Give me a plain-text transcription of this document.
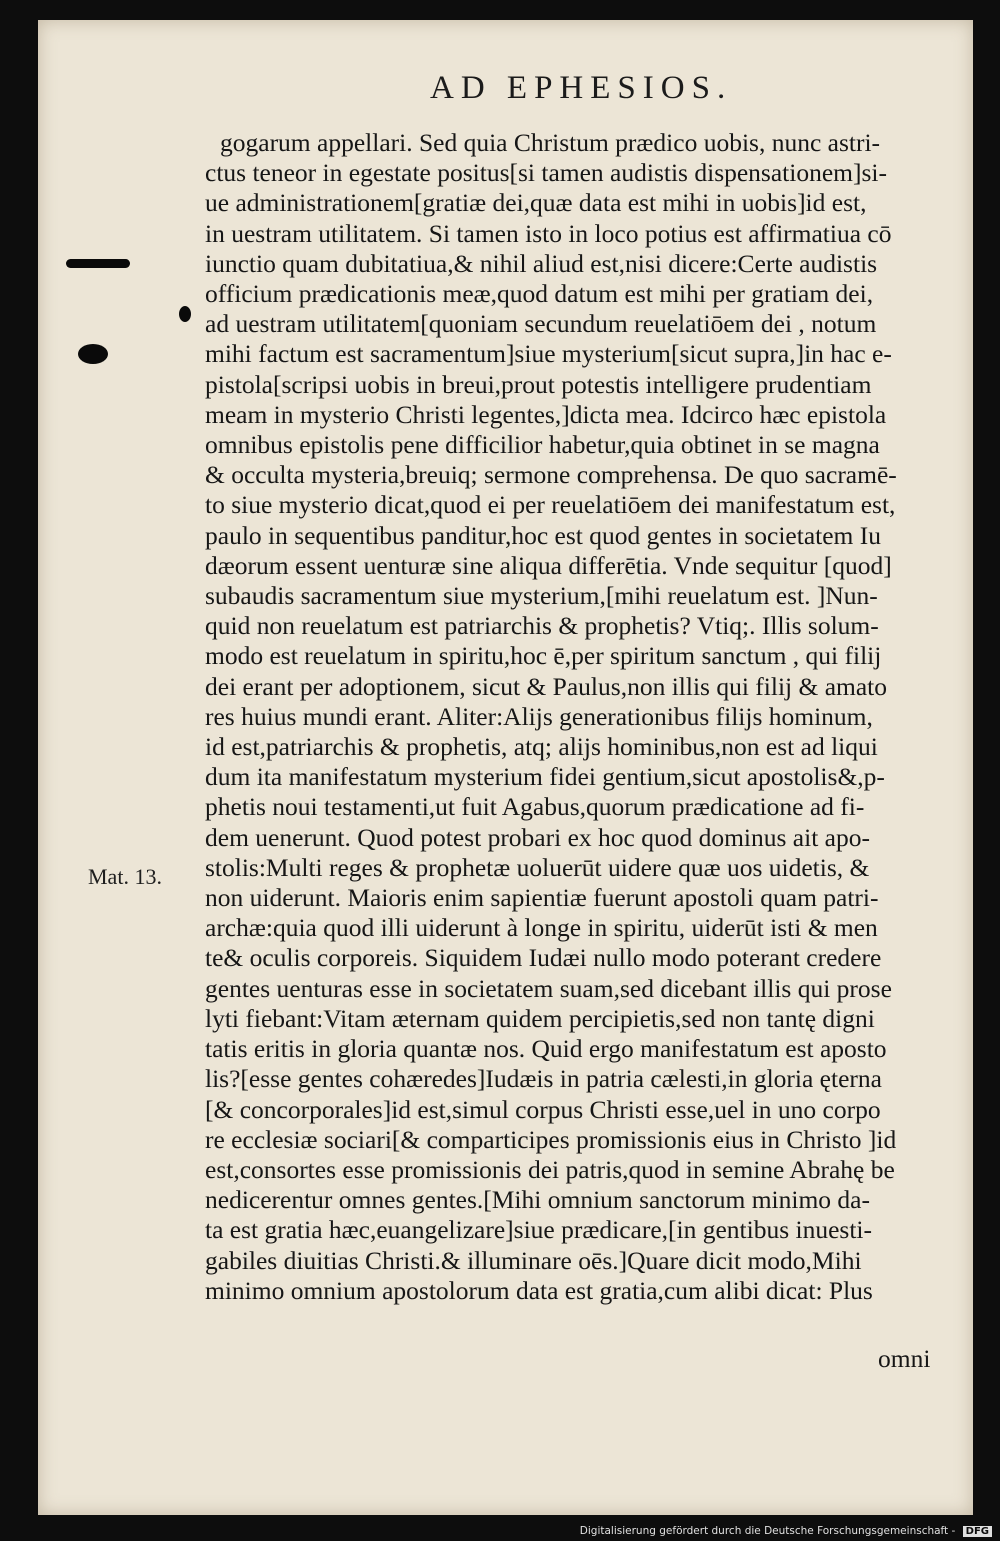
AD EPHESIOS.
gogarum appellari. Sed quia Christum prædico uobis, nunc astri-
ctus teneor in egestate positus[si tamen audistis dispensationem]si-
ue administrationem[gratiæ dei,quæ data est mihi in uobis]id est,
in uestram utilitatem. Si tamen isto in loco potius est affirmatiua cō
iunctio quam dubitatiua,& nihil aliud est,nisi dicere:Certe audistis
officium prædicationis meæ,quod datum est mihi per gratiam dei,
ad uestram utilitatem[quoniam secundum reuelatiōem dei , notum
mihi factum est sacramentum]siue mysterium[sicut supra,]in hac e-
pistola[scripsi uobis in breui,prout potestis intelligere prudentiam
meam in mysterio Christi legentes,]dicta mea. Idcirco hæc epistola
omnibus epistolis pene difficilior habetur,quia obtinet in se magna
& occulta mysteria,breuiq; sermone comprehensa. De quo sacramē-
to siue mysterio dicat,quod ei per reuelatiōem dei manifestatum est,
paulo in sequentibus panditur,hoc est quod gentes in societatem Iu
dæorum essent uenturæ sine aliqua differētia. Vnde sequitur [quod]
subaudis sacramentum siue mysterium,[mihi reuelatum est. ]Nun-
quid non reuelatum est patriarchis & prophetis? Vtiq;. Illis solum-
modo est reuelatum in spiritu,hoc ē,per spiritum sanctum , qui filij
dei erant per adoptionem, sicut & Paulus,non illis qui filij & amato
res huius mundi erant. Aliter:Alijs generationibus filijs hominum,
id est,patriarchis & prophetis, atq; alijs hominibus,non est ad liqui
dum ita manifestatum mysterium fidei gentium,sicut apostolis&,p-
phetis noui testamenti,ut fuit Agabus,quorum prædicatione ad fi-
dem uenerunt. Quod potest probari ex hoc quod dominus ait apo-
stolis:Multi reges & prophetæ uoluerūt uidere quæ uos uidetis, &
non uiderunt. Maioris enim sapientiæ fuerunt apostoli quam patri-
archæ:quia quod illi uiderunt à longe in spiritu, uiderūt isti & men
te& oculis corporeis. Siquidem Iudæi nullo modo poterant credere
gentes uenturas esse in societatem suam,sed dicebant illis qui prose
lyti fiebant:Vitam æternam quidem percipietis,sed non tantę digni
tatis eritis in gloria quantæ nos. Quid ergo manifestatum est aposto
lis?[esse gentes cohæredes]Iudæis in patria cælesti,in gloria ęterna
[& concorporales]id est,simul corpus Christi esse,uel in uno corpo
re ecclesiæ sociari[& comparticipes promissionis eius in Christo ]id
est,consortes esse promissionis dei patris,quod in semine Abrahę be
nedicerentur omnes gentes.[Mihi omnium sanctorum minimo da-
ta est gratia hæc,euangelizare]siue prædicare,[in gentibus inuesti-
gabiles diuitias Christi.& illuminare oēs.]Quare dicit modo,Mihi
minimo omnium apostolorum data est gratia,cum alibi dicat: Plus
omni
Mat. 13.
Digitalisierung gefördert durch die Deutsche Forschungsgemeinschaft - DFG
